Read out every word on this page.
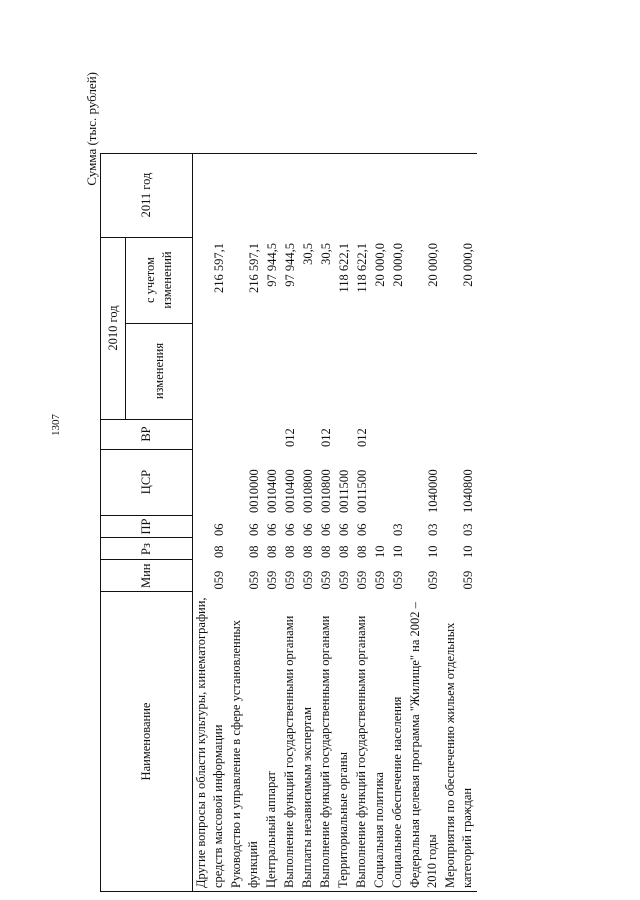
1307
Сумма (тыс. рублей)
Наименование	Мин	Рз	ПР	ЦСР	ВР	2010 год		2011 год
						изменения	с учетом изменений	
Другие вопросы в области культуры, кинематографии, средств массовой информации	059	08	06				216 597,1	
Руководство и управление в сфере установленных функций	059	08	06	0010000			216 597,1	
Центральный аппарат	059	08	06	0010400			97 944,5	
Выполнение функций государственными органами	059	08	06	0010400	012		97 944,5	
Выплаты независимым экспертам	059	08	06	0010800			30,5	
Выполнение функций государственными органами	059	08	06	0010800	012		30,5	
Территориальные органы	059	08	06	0011500			118 622,1	
Выполнение функций государственными органами	059	08	06	0011500	012		118 622,1	
Социальная политика	059	10					20 000,0	
Социальное обеспечение населения	059	10	03				20 000,0	
Федеральная целевая программа "Жилище" на 2002 – 2010 годы	059	10	03	1040000			20 000,0	
Мероприятия по обеспечению жильем отдельных категорий граждан	059	10	03	1040800			20 000,0	
